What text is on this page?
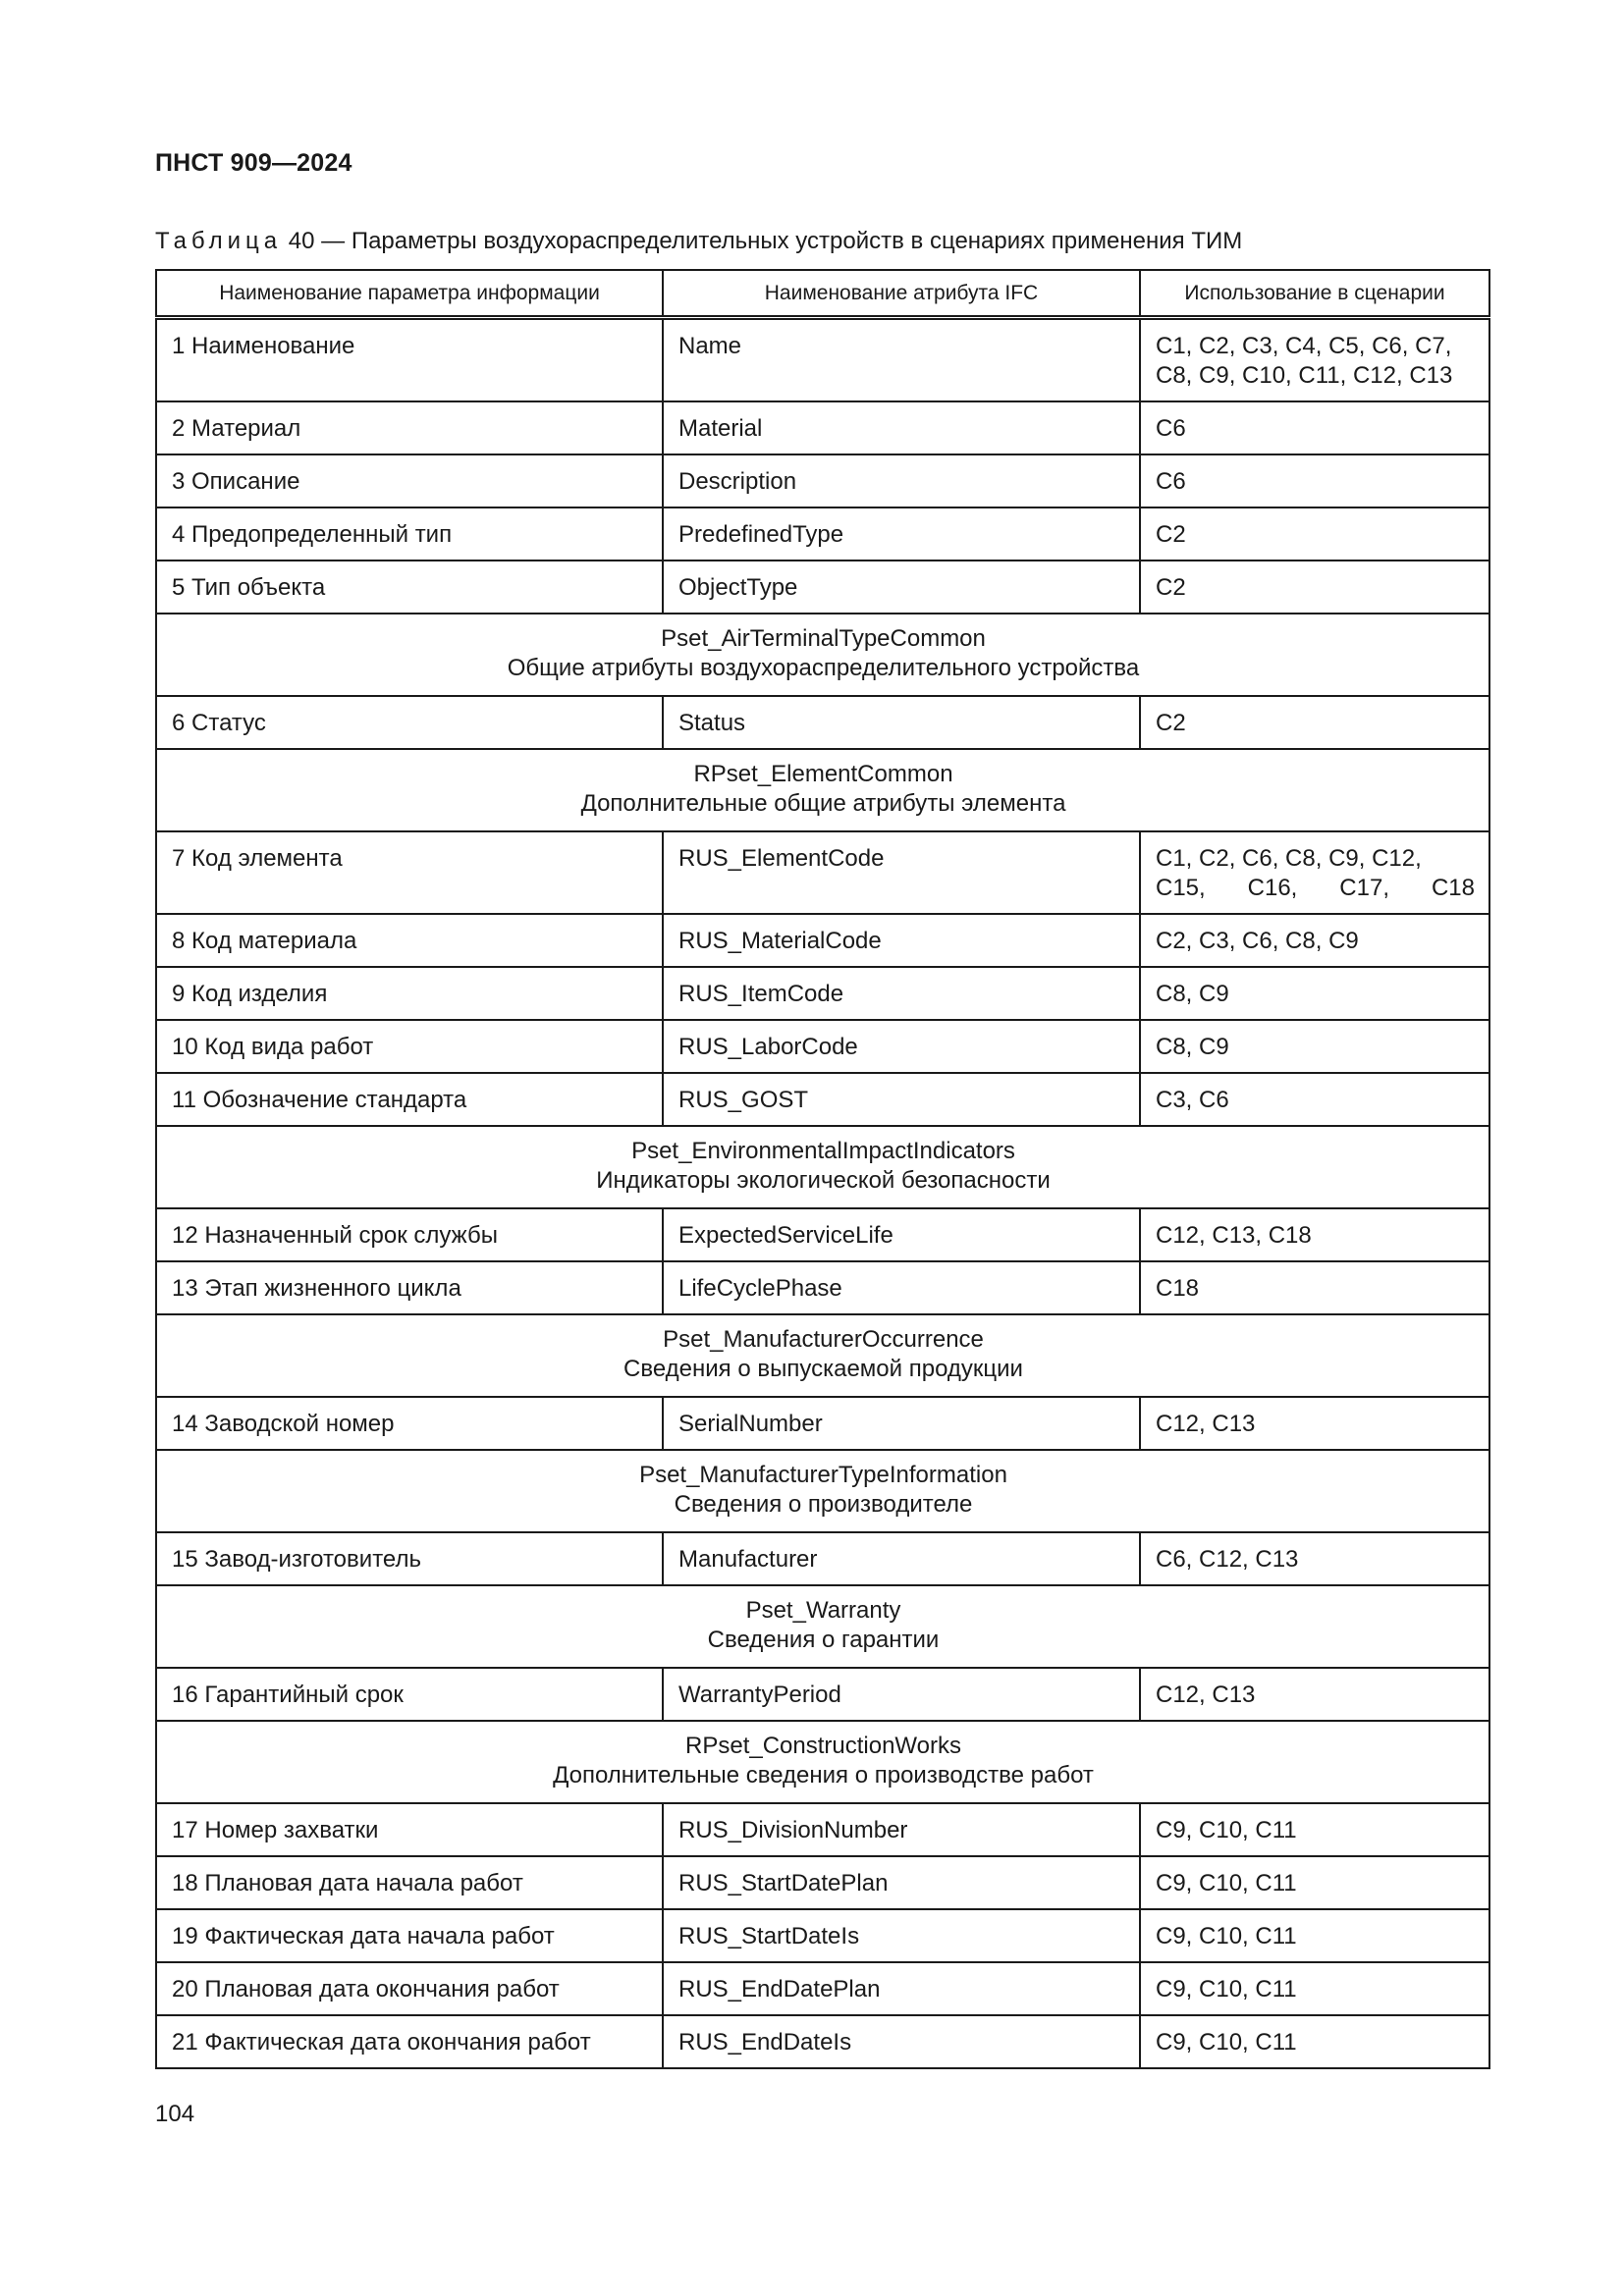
ПНСТ 909—2024
Таблица 40 — Параметры воздухораспределительных устройств в сценариях применения ТИМ
Наименование параметра информации	Наименование атрибута IFC	Использование в сценарии
1 Наименование	Name	C1, C2, C3, C4, C5, C6, C7, C8, C9, C10, C11, C12, C13
2 Материал	Material	C6
3 Описание	Description	C6
4 Предопределенный тип	PredefinedType	C2
5 Тип объекта	ObjectType	C2

Pset_AirTerminalTypeCommon
Общие атрибуты воздухораспределительного устройства		

6 Статус	Status	C2

RPset_ElementCommon
Дополнительные общие атрибуты элемента		

7 Код элемента	RUS_ElementCode	C1, C2, C6, C8, C9, C12, C15, C16, C17, C18
8 Код материала	RUS_MaterialCode	C2, C3, C6, C8, C9
9 Код изделия	RUS_ItemCode	C8, C9
10 Код вида работ	RUS_LaborCode	C8, C9
11 Обозначение стандарта	RUS_GOST	C3, C6

Pset_EnvironmentalImpactIndicators
Индикаторы экологической безопасности		

12 Назначенный срок службы	ExpectedServiceLife	C12, C13, C18
13 Этап жизненного цикла	LifeCyclePhase	C18

Pset_ManufacturerOccurrence
Сведения о выпускаемой продукции		

14 Заводской номер	SerialNumber	C12, C13

Pset_ManufacturerTypeInformation
Сведения о производителе		

15 Завод-изготовитель	Manufacturer	C6, C12, C13

Pset_Warranty
Сведения о гарантии		

16 Гарантийный срок	WarrantyPeriod	C12, C13

RPset_ConstructionWorks
Дополнительные сведения о производстве работ		

17 Номер захватки	RUS_DivisionNumber	C9, C10, C11
18 Плановая дата начала работ	RUS_StartDatePlan	C9, C10, C11
19 Фактическая дата начала работ	RUS_StartDateIs	C9, C10, C11
20 Плановая дата окончания работ	RUS_EndDatePlan	C9, C10, C11
21 Фактическая дата окончания работ	RUS_EndDateIs	C9, C10, C11
104
